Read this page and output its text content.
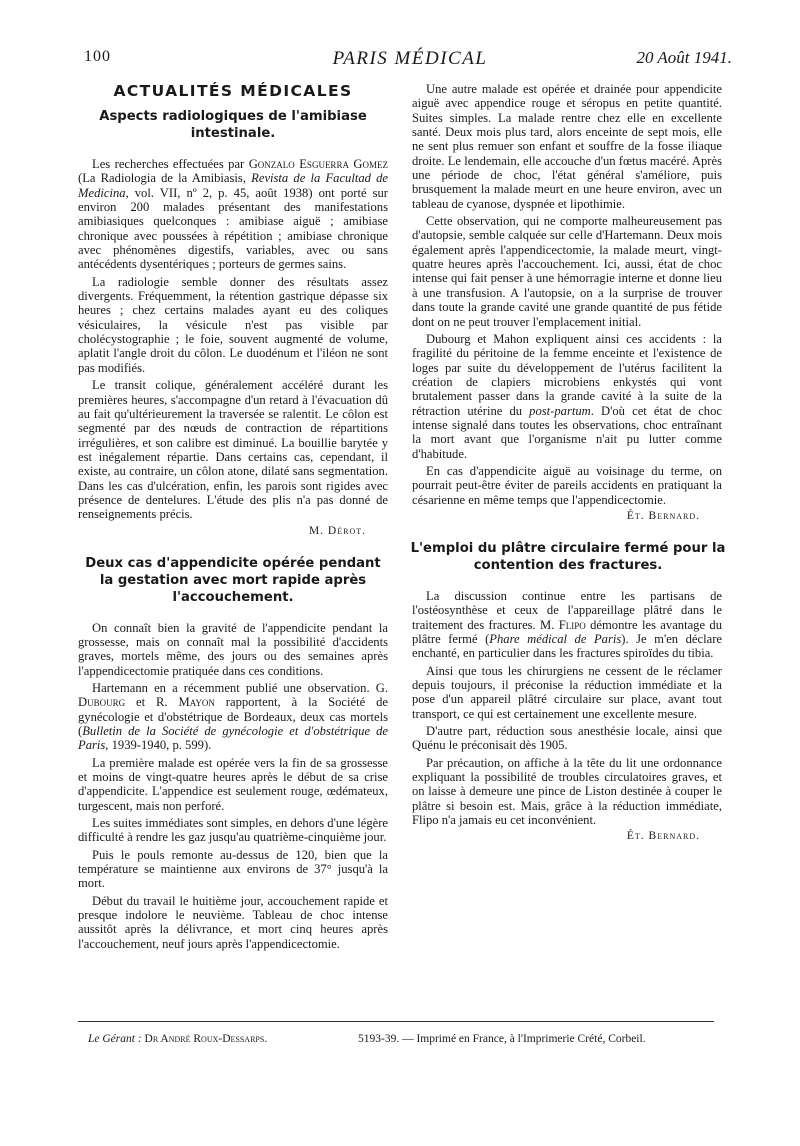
100	PARIS MÉDICAL	20 Août 1941.
ACTUALITÉS MÉDICALES
Aspects radiologiques de l'amibiase intestinale.

Les recherches effectuées par Gonzalo Esguerra Gomez (La Radiologia de la Amibiasis, Revista de la Facultad de Medicina, vol. VII, nº 2, p. 45, août 1938) ont porté sur environ 200 malades présentant des manifestations amibiasiques quelconques : amibiase aiguë ; amibiase chronique avec poussées à répétition ; amibiase chronique avec phénomènes digestifs, variables, avec ou sans antécédents dysentériques ; porteurs de germes sains.

La radiologie semble donner des résultats assez divergents. Fréquemment, la rétention gastrique dépasse six heures ; chez certains malades ayant eu des coliques vésiculaires, la vésicule n'est pas visible par cholécystographie ; le foie, souvent augmenté de volume, aplatit l'angle droit du côlon. Le duodénum et l'iléon ne sont pas modifiés.

Le transit colique, généralement accéléré durant les premières heures, s'accompagne d'un retard à l'évacuation dû au fait qu'ultérieurement la traversée se ralentit. Le côlon est segmenté par des nœuds de contraction de répartitions irrégulières, et son calibre est diminué. La bouillie barytée y est inégalement répartie. Dans certains cas, cependant, il existe, au contraire, un côlon atone, dilaté sans segmentation. Dans les cas d'ulcération, enfin, les parois sont rigides avec présence de dentelures. L'étude des plis n'a pas donné de renseignements précis.

M. Dérot.
Deux cas d'appendicite opérée pendant la gestation avec mort rapide après l'accouchement.

On connaît bien la gravité de l'appendicite pendant la grossesse, mais on connaît mal la possibilité d'accidents graves, mortels même, des jours ou des semaines après l'appendicectomie pratiquée dans ces conditions.

Hartemann en a récemment publié une observation. G. Dubourg et R. Mayon rapportent, à la Société de gynécologie et d'obstétrique de Bordeaux, deux cas mortels (Bulletin de la Société de gynécologie et d'obstétrique de Paris, 1939-1940, p. 599).

La première malade est opérée vers la fin de sa grossesse et moins de vingt-quatre heures après le début de sa crise d'appendicite. L'appendice est seulement rouge, œdémateux, turgescent, mais non perforé.

Les suites immédiates sont simples, en dehors d'une légère difficulté à rendre les gaz jusqu'au quatrième-cinquième jour.

Puis le pouls remonte au-dessus de 120, bien que la température se maintienne aux environs de 37° jusqu'à la mort.

Début du travail le huitième jour, accouchement rapide et presque indolore le neuvième. Tableau de choc intense aussitôt après la délivrance, et mort cinq heures après l'accouchement, neuf jours après l'appendicectomie.

Une autre malade est opérée et drainée pour appendicite aiguë avec appendice rouge et séropus en petite quantité. Suites simples. La malade rentre chez elle en excellente santé. Deux mois plus tard, alors enceinte de sept mois, elle ne sent plus remuer son enfant et souffre de la fosse iliaque droite. Le lendemain, elle accouche d'un fœtus macéré. Après une période de choc, l'état général s'améliore, puis brusquement la malade meurt en une heure environ, avec un tableau de cyanose, dyspnée et lipothimie.

Cette observation, qui ne comporte malheureusement pas d'autopsie, semble calquée sur celle d'Hartemann. Deux mois également après l'appendicectomie, la malade meurt, vingt-quatre heures après l'accouchement. Ici, aussi, état de choc intense qui fait penser à une hémorragie interne et donne lieu à une transfusion. A l'autopsie, on a la surprise de trouver dans toute la grande cavité une grande quantité de pus fétide dont on ne peut trouver l'emplacement initial.

Dubourg et Mahon expliquent ainsi ces accidents : la fragilité du péritoine de la femme enceinte et l'existence de loges par suite du développement de l'utérus facilitent la création de clapiers microbiens enkystés qui vont brutalement passer dans la grande cavité à la suite de la rétraction utérine du post-partum. D'où cet état de choc intense signalé dans toutes les observations, choc entraînant la mort avant que l'organisme n'ait pu lutter comme d'habitude.

En cas d'appendicite aiguë au voisinage du terme, on pourrait peut-être éviter de pareils accidents en pratiquant la césarienne en même temps que l'appendicectomie.

Ét. Bernard.
L'emploi du plâtre circulaire fermé pour la contention des fractures.

La discussion continue entre les partisans de l'ostéosynthèse et ceux de l'appareillage plâtré dans le traitement des fractures. M. Flipo démontre les avantage du plâtre fermé (Phare médical de Paris). Je m'en déclare enchanté, en particulier dans les fractures spiroïdes du tibia.

Ainsi que tous les chirurgiens ne cessent de le réclamer depuis toujours, il préconise la réduction immédiate et la pose d'un appareil plâtré circulaire sur place, avant tout transport, ce qui est certainement une excellente mesure.

D'autre part, réduction sous anesthésie locale, ainsi que Quénu le préconisait dès 1905.

Par précaution, on affiche à la tête du lit une ordonnance expliquant la possibilité de troubles circulatoires graves, et on laisse à demeure une pince de Liston destinée à couper le plâtre si besoin est. Mais, grâce à la réduction immédiate, Flipo n'a jamais eu cet inconvénient.

Ét. Bernard.
Le Gérant : Dr André Roux-Dessarps.	5193-39. — Imprimé en France, à l'Imprimerie Crété, Corbeil.
